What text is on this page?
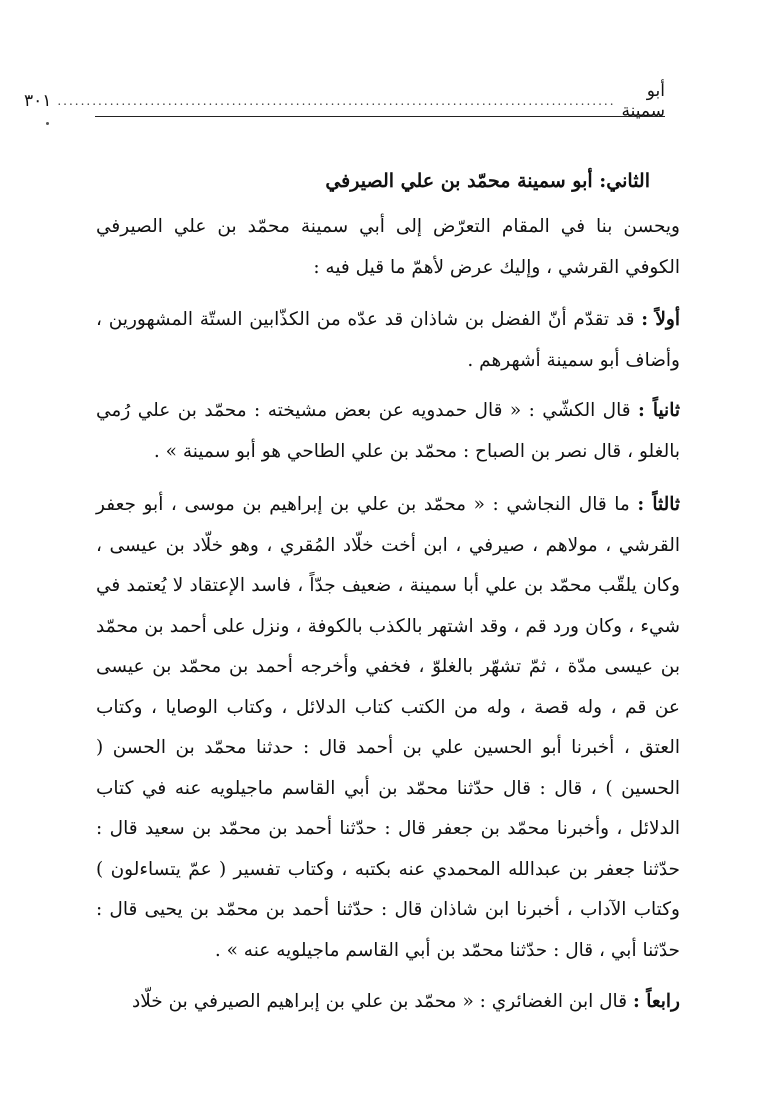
أبو سمينة
................................................................................................
٣٠١
الثاني: أبو سمينة محمّد بن علي الصيرفي
ويحسن بنا في المقام التعرّض إلى أبي سمينة محمّد بن علي الصيرفي الكوفي القرشي ، وإليك عرض لأهمّ ما قيل فيه :
أولاً : قد تقدّم أنّ الفضل بن شاذان قد عدّه من الكذّابين الستّة المشهورين ، وأضاف أبو سمينة أشهرهم .
ثانياً : قال الكشّي : « قال حمدويه عن بعض مشيخته : محمّد بن علي رُمي بالغلو ، قال نصر بن الصباح : محمّد بن علي الطاحي هو أبو سمينة » .
ثالثاً : ما قال النجاشي : « محمّد بن علي بن إبراهيم بن موسى ، أبو جعفر القرشي ، مولاهم ، صيرفي ، ابن أخت خلّاد المُقري ، وهو خلّاد بن عيسى ، وكان يلقّب محمّد بن علي أبا سمينة ، ضعيف جدّاً ، فاسد الإعتقاد لا يُعتمد في شيء ، وكان ورد قم ، وقد اشتهر بالكذب بالكوفة ، ونزل على أحمد بن محمّد بن عيسى مدّة ، ثمّ تشهّر بالغلوّ ، فخفي وأخرجه أحمد بن محمّد بن عيسى عن قم ، وله قصة ، وله من الكتب كتاب الدلائل ، وكتاب الوصايا ، وكتاب العتق ، أخبرنا أبو الحسين علي بن أحمد قال : حدثنا محمّد بن الحسن ( الحسين ) ، قال : قال حدّثنا محمّد بن أبي القاسم ماجيلويه عنه في كتاب الدلائل ، وأخبرنا محمّد بن جعفر قال : حدّثنا أحمد بن محمّد بن سعيد قال : حدّثنا جعفر بن عبدالله المحمدي عنه بكتبه ، وكتاب تفسير ( عمّ يتساءلون ) وكتاب الآداب ، أخبرنا ابن شاذان قال : حدّثنا أحمد بن محمّد بن يحيى قال : حدّثنا أبي ، قال : حدّثنا محمّد بن أبي القاسم ماجيلويه عنه » .
رابعاً : قال ابن الغضائري : « محمّد بن علي بن إبراهيم الصيرفي بن خلّاد
